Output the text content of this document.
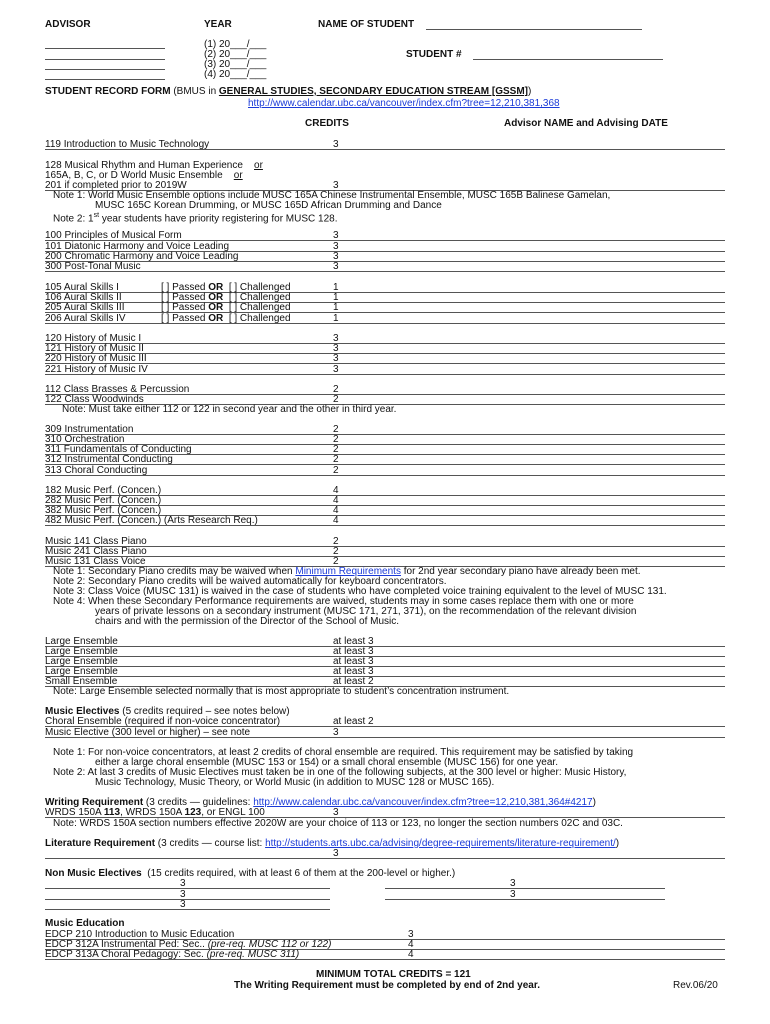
ADVISOR	YEAR	NAME OF STUDENT
(1) 20___/___
(2) 20___/___
(3) 20___/___
(4) 20___/___
STUDENT #
STUDENT RECORD FORM (BMUS in GENERAL STUDIES, SECONDARY EDUCATION STREAM [GSSM])
http://www.calendar.ubc.ca/vancouver/index.cfm?tree=12,210,381,368
CREDITS	Advisor NAME and Advising DATE
119 Introduction to Music Technology	3
128 Musical Rhythm and Human Experience or
165A, B, C, or D World Music Ensemble or
201 if completed prior to 2019W	3
Note 1: World Music Ensemble options include MUSC 165A Chinese Instrumental Ensemble, MUSC 165B Balinese Gamelan,
MUSC 165C Korean Drumming, or MUSC 165D African Drumming and Dance
Note 2: 1st year students have priority registering for MUSC 128.
100 Principles of Musical Form	3
101 Diatonic Harmony and Voice Leading	3
200 Chromatic Harmony and Voice Leading	3
300 Post-Tonal Music	3
105 Aural Skills I	[ ] Passed OR [ ] Challenged	1
106 Aural Skills II	[ ] Passed OR [ ] Challenged	1
205 Aural Skills III	[ ] Passed OR [ ] Challenged	1
206 Aural Skills IV	[ ] Passed OR [ ] Challenged	1
120 History of Music I	3
121 History of Music II	3
220 History of Music III	3
221 History of Music IV	3
112 Class Brasses & Percussion	2
122 Class Woodwinds	2
Note: Must take either 112 or 122 in second year and the other in third year.
309 Instrumentation	2
310 Orchestration	2
311 Fundamentals of Conducting	2
312 Instrumental Conducting	2
313 Choral Conducting	2
182 Music Perf. (Concen.)	4
282 Music Perf. (Concen.)	4
382 Music Perf. (Concen.)	4
482 Music Perf. (Concen.) (Arts Research Req.)	4
Music 141 Class Piano	2
Music 241 Class Piano	2
Music 131 Class Voice	2
Note 1: Secondary Piano credits may be waived when Minimum Requirements for 2nd year secondary piano have already been met.
Note 2: Secondary Piano credits will be waived automatically for keyboard concentrators.
Note 3: Class Voice (MUSC 131) is waived in the case of students who have completed voice training equivalent to the level of MUSC 131.
Note 4: When these Secondary Performance requirements are waived, students may in some cases replace them with one or more
years of private lessons on a secondary instrument (MUSC 171, 271, 371), on the recommendation of the relevant division
chairs and with the permission of the Director of the School of Music.
Large Ensemble	at least 3
Large Ensemble	at least 3
Large Ensemble	at least 3
Large Ensemble	at least 3
Small Ensemble	at least 2
Note: Large Ensemble selected normally that is most appropriate to student’s concentration instrument.
Music Electives (5 credits required – see notes below)
Choral Ensemble (required if non-voice concentrator)	at least 2
Music Elective (300 level or higher) – see note	3
Note 1: For non-voice concentrators, at least 2 credits of choral ensemble are required. This requirement may be satisfied by taking
either a large choral ensemble (MUSC 153 or 154) or a small choral ensemble (MUSC 156) for one year.
Note 2: At last 3 credits of Music Electives must taken be in one of the following subjects, at the 300 level or higher: Music History,
Music Technology, Music Theory, or World Music (in addition to MUSC 128 or MUSC 165).
Writing Requirement (3 credits — guidelines: http://www.calendar.ubc.ca/vancouver/index.cfm?tree=12,210,381,364#4217)
WRDS 150A 113, WRDS 150A 123, or ENGL 100	3
Note: WRDS 150A section numbers effective 2020W are your choice of 113 or 123, no longer the section numbers 02C and 03C.
Literature Requirement (3 credits — course list: http://students.arts.ubc.ca/advising/degree-requirements/literature-requirement/)
3
Non Music Electives (15 credits required, with at least 6 of them at the 200-level or higher.)
3	3
3	3
3
Music Education
EDCP 210 Introduction to Music Education	3
EDCP 312A Instrumental Ped: Sec.. (pre-req. MUSC 112 or 122)	4
EDCP 313A Choral Pedagogy: Sec. (pre-req. MUSC 311)	4
MINIMUM TOTAL CREDITS = 121
The Writing Requirement must be completed by end of 2nd year.	Rev.06/20
